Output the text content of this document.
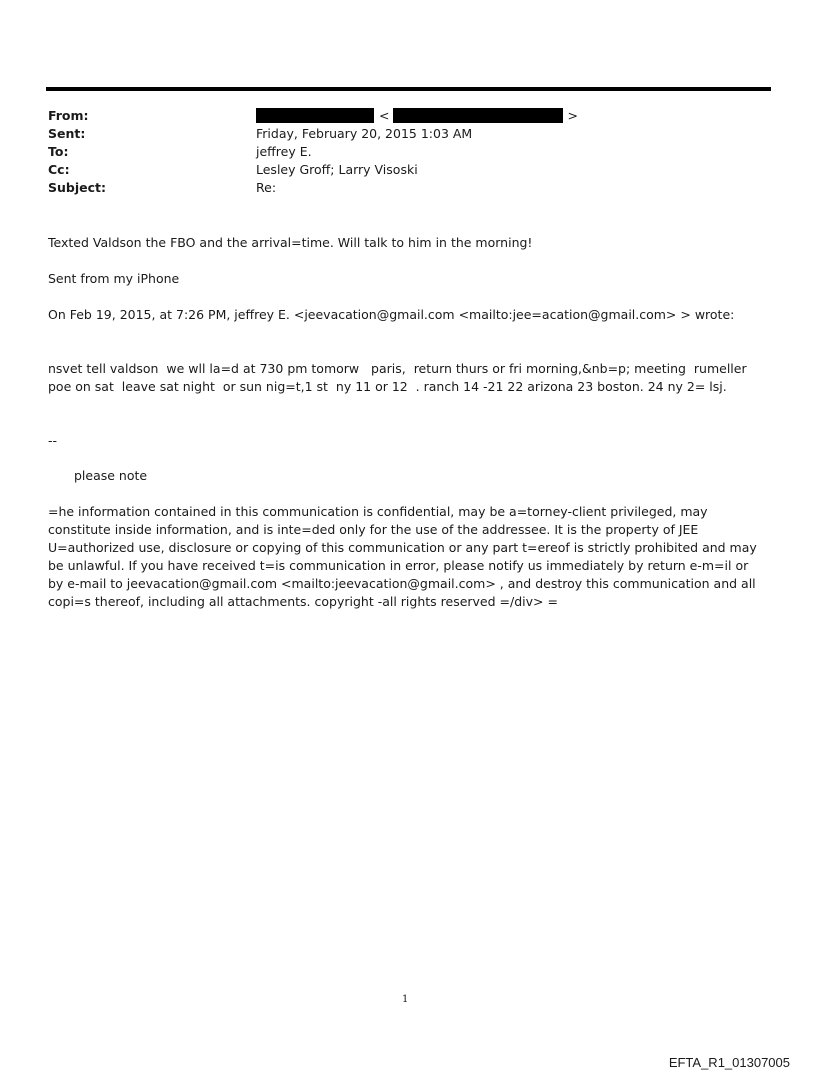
From:	<	>
Sent:	Friday, February 20, 2015 1:03 AM
To:	jeffrey E.
Cc:	Lesley Groff; Larry Visoski
Subject:	Re:
Texted Valdson the FBO and the arrival=time. Will talk to him in the morning!
Sent from my iPhone
On Feb 19, 2015, at 7:26 PM, jeffrey E. <jeevacation@gmail.com <mailto:jee=acation@gmail.com> > wrote:
nsvet tell valdson  we wll la=d at 730 pm tomorw   paris,  return thurs or fri morning,&nb=p; meeting  rumeller poe on sat  leave sat night  or sun nig=t,1 st  ny 11 or 12  . ranch 14 -21 22 arizona 23 boston. 24 ny 2= lsj.
--
please note
=he information contained in this communication is confidential, may be a=torney-client privileged, may constitute inside information, and is inte=ded only for the use of the addressee. It is the property of JEE U=authorized use, disclosure or copying of this communication or any part t=ereof is strictly prohibited and may be unlawful. If you have received t=is communication in error, please notify us immediately by return e-m=il or by e-mail to jeevacation@gmail.com <mailto:jeevacation@gmail.com> , and destroy this communication and all copi=s thereof, including all attachments. copyright -all rights reserved =/div> =
1
EFTA_R1_01307005
